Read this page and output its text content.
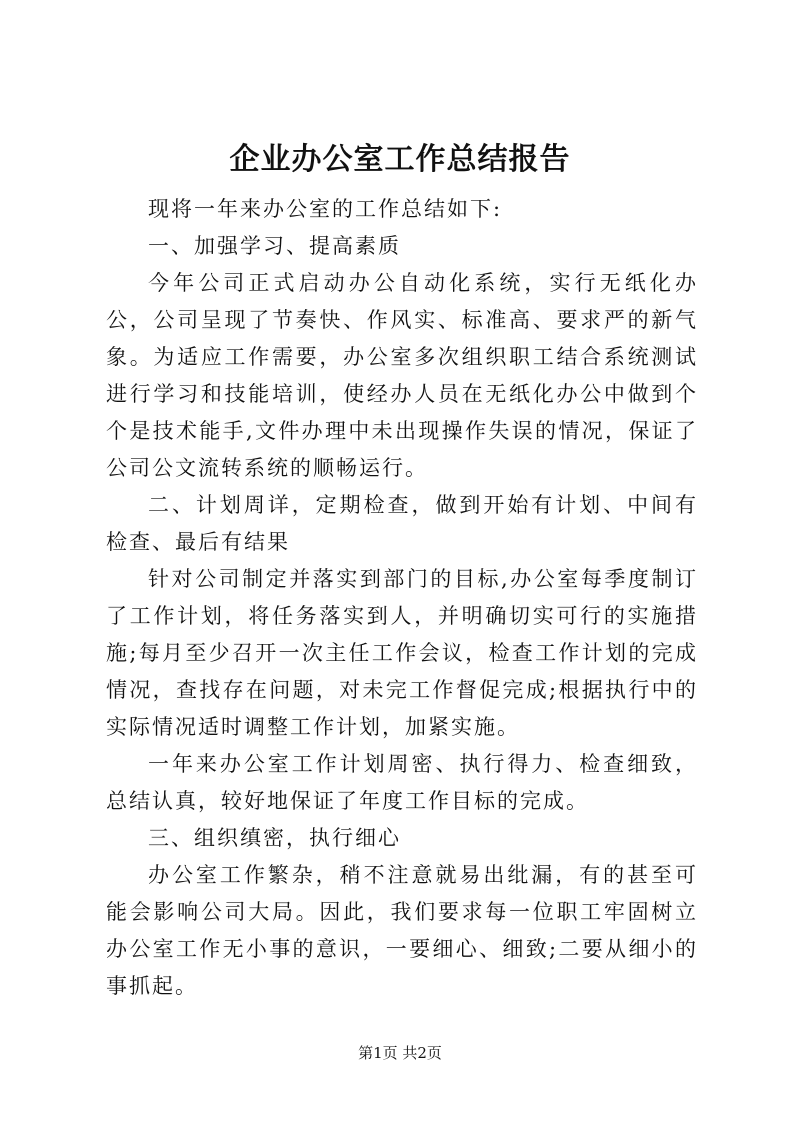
企业办公室工作总结报告

现将一年来办公室的工作总结如下:

一、加强学习、提高素质

今年公司正式启动办公自动化系统，实行无纸化办公，公司呈现了节奏快、作风实、标准高、要求严的新气象。为适应工作需要，办公室多次组织职工结合系统测试进行学习和技能培训，使经办人员在无纸化办公中做到个个是技术能手,文件办理中未出现操作失误的情况，保证了公司公文流转系统的顺畅运行。

二、计划周详，定期检查，做到开始有计划、中间有检查、最后有结果

针对公司制定并落实到部门的目标,办公室每季度制订了工作计划，将任务落实到人，并明确切实可行的实施措施;每月至少召开一次主任工作会议，检查工作计划的完成情况，查找存在问题，对未完工作督促完成;根据执行中的实际情况适时调整工作计划，加紧实施。

一年来办公室工作计划周密、执行得力、检查细致，总结认真，较好地保证了年度工作目标的完成。

三、组织缜密，执行细心

办公室工作繁杂，稍不注意就易出纰漏，有的甚至可能会影响公司大局。因此，我们要求每一位职工牢固树立办公室工作无小事的意识，一要细心、细致;二要从细小的事抓起。

第1页 共2页
